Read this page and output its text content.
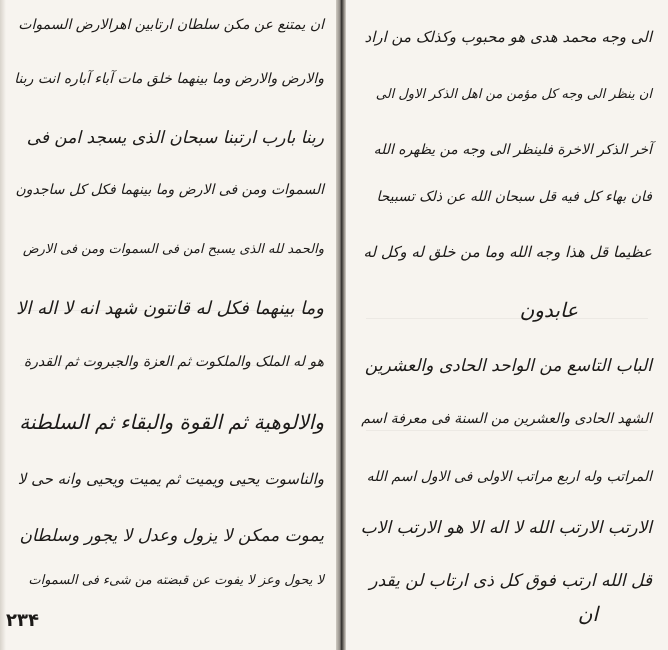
ان یمتنع عن مکن سلطان ارتابین اهرالارض السموات
والارض والارض وما بینهما خلق مات آباء آباره انت ربنا
ربنا بارب ارتبنا سبحان الذی یسجد امن فی
السموات ومن فی الارض وما بینهما فکل کل ساجدون
والحمد لله الذی یسبح امن فی السموات ومن فی الارض
وما بینهما فکل له قانتون شهد انه لا اله الا
هو له الملک والملکوت ثم العزة والجبروت ثم القدرة
والالوهیة ثم القوة والبقاء ثم السلطنة
والناسوت یحیی ویمیت ثم یمیت ویحیی وانه حی لا
یموت ممکن لا یزول وعدل لا یجور وسلطان
لا یحول وعز لا یفوت عن قبضته من شیء فی السموات
٢٣۴
الی وجه محمد هدی هو محبوب وکذلک من اراد
ان ینظر الی وجه کل مؤمن من اهل الذکر الاول الی
آخر الذکر الاخرة فلینظر الی وجه من یظهره الله
فان بهاء کل فیه قل سبحان الله عن ذلک تسبیحا
عظیما قل هذا وجه الله وما من خلق له وکل له
عابدون
الباب التاسع من الواحد الحادی والعشرین
الشهد الحادی والعشرین من السنة فی معرفة اسم
المراتب وله اربع مراتب الاولی فی الاول اسم الله
الارتب الارتب الله لا اله الا هو الارتب الاب
قل الله ارتب فوق کل ذی ارتاب لن یقدر
ان
